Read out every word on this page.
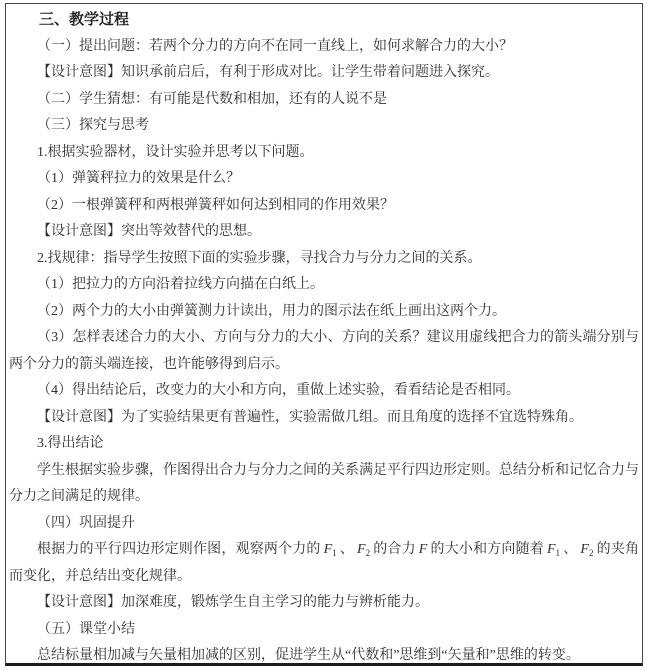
三、教学过程

（一）提出问题：若两个分力的方向不在同一直线上，如何求解合力的大小？

【设计意图】知识承前启后，有利于形成对比。让学生带着问题进入探究。

（二）学生猜想：有可能是代数和相加，还有的人说不是

（三）探究与思考

1.根据实验器材，设计实验并思考以下问题。

（1）弹簧秤拉力的效果是什么？

（2）一根弹簧秤和两根弹簧秤如何达到相同的作用效果？

【设计意图】突出等效替代的思想。

2.找规律：指导学生按照下面的实验步骤，寻找合力与分力之间的关系。

（1）把拉力的方向沿着拉线方向描在白纸上。

（2）两个力的大小由弹簧测力计读出，用力的图示法在纸上画出这两个力。

（3）怎样表述合力的大小、方向与分力的大小、方向的关系？建议用虚线把合力的箭头端分别与两个分力的箭头端连接，也许能够得到启示。

（4）得出结论后，改变力的大小和方向，重做上述实验，看看结论是否相同。

【设计意图】为了实验结果更有普遍性，实验需做几组。而且角度的选择不宜选特殊角。

3.得出结论

学生根据实验步骤，作图得出合力与分力之间的关系满足平行四边形定则。总结分析和记忆合力与分力之间满足的规律。

（四）巩固提升

根据力的平行四边形定则作图，观察两个力的 $F_1$ 、 $F_2$ 的合力 F 的大小和方向随着 $F_1$ 、 $F_2$ 的夹角而变化，并总结出变化规律。

【设计意图】加深难度，锻炼学生自主学习的能力与辨析能力。

（五）课堂小结

总结标量相加减与矢量相加减的区别，促进学生从“代数和”思维到“矢量和”思维的转变。
